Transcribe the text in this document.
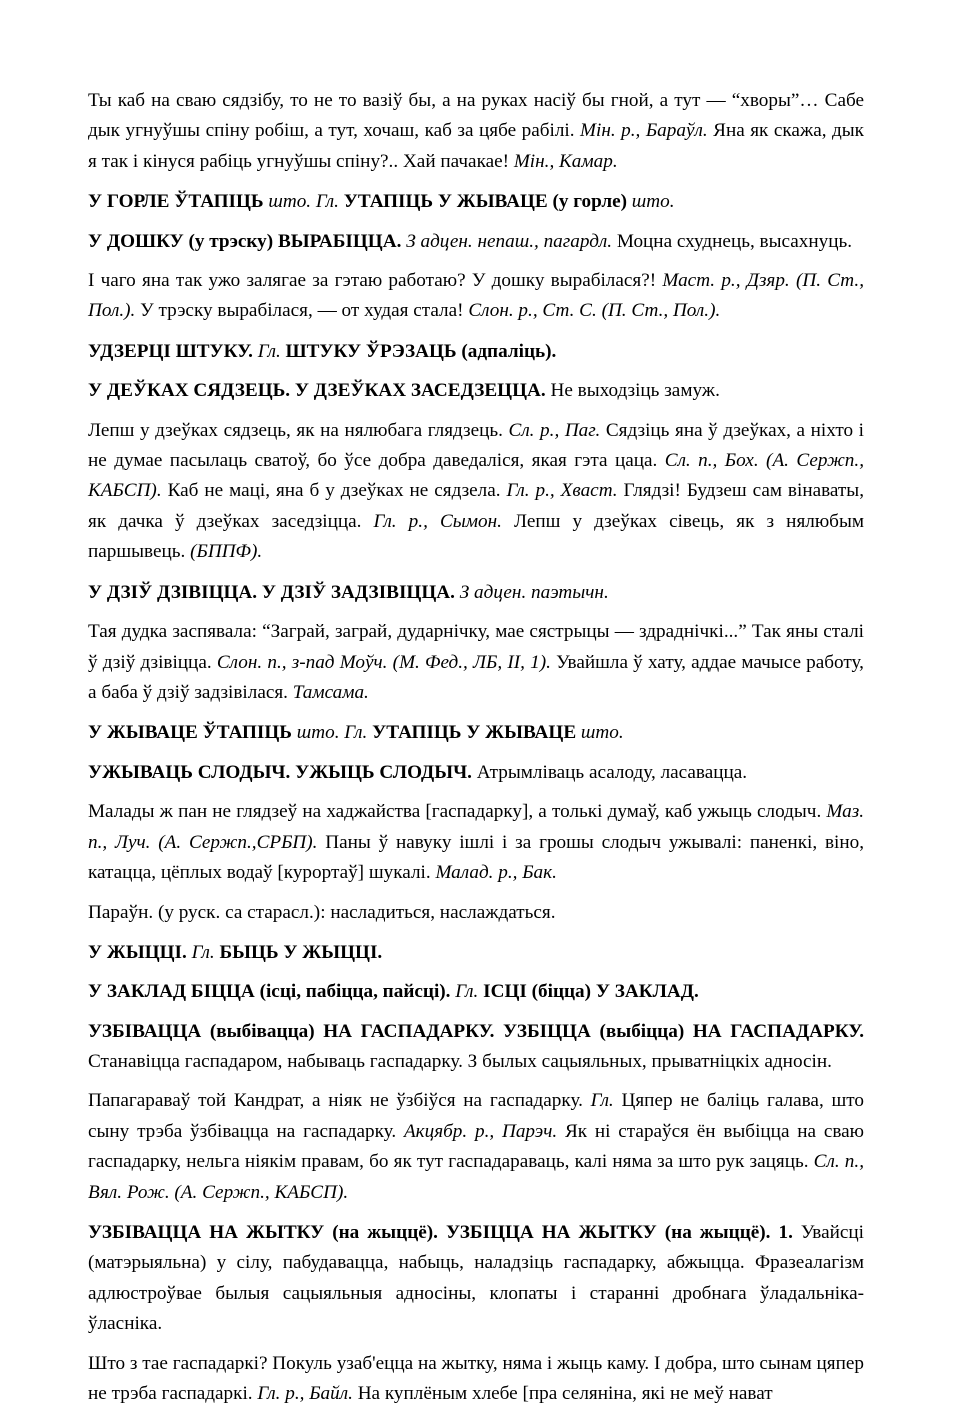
Ты каб на сваю сядзібу, то не то вазіў бы, а на руках насіў бы гной, а тут — “хворы”… Сабе дык угнуўшы спіну робіш, а тут, хочаш, каб за цябе рабілі. Мін. р., Бараўл. Яна як скажа, дык я так і кінуся рабіць угнуўшы спіну?.. Хай пачакае! Мін., Камар.
У ГОРЛЕ ЎТАПІЦЬ што. Гл. УТАПІЦЬ У ЖЫВАЦЕ (у горле) што.
У ДОШКУ (у трэску) ВЫРАБІЦЦА. З адцен. непаш., пагардл. Моцна схуднець, высахнуць.
І чаго яна так ужо залягае за гэтаю работаю? У дошку вырабілася?! Маст. р., Дзяр. (П. Ст., Пол.). У трэску вырабілася, — от худая стала! Слон. р., Ст. С. (П. Ст., Пол.).
УДЗЕРЦІ ШТУКУ. Гл. ШТУКУ ЎРЭЗАЦЬ (адпаліць).
У ДЕЎКАХ СЯДЗЕЦЬ. У ДЗЕЎКАХ ЗАСЕДЗЕЦЦА. Не выходзіць замуж.
Лепш у дзеўках сядзець, як на нялюбага глядзець. Сл. р., Паг. Сядзіць яна ў дзеўках, а ніхто і не думае пасылаць сватоў, бо ўсе добра даведаліся, якая гэта цаца. Сл. п., Бох. (А. Сержп., КАБСП). Каб не маці, яна б у дзеўках не сядзела. Гл. р., Хваст. Глядзі! Будзеш сам вінаваты, як дачка ў дзеўках заседзіцца. Гл. р., Сымон. Лепш у дзеўках сівець, як з нялюбым паршывець. (БППФ).
У ДЗІЎ ДЗІВІЦЦА. У ДЗІЎ ЗАДЗІВІЦЦА. З адцен. паэтычн.
Тая дудка заспявала: “Заграй, заграй, дударнічку, мае сястрыцы — здраднічкі...” Так яны сталі ў дзіў дзівіцца. Слон. п., з-пад Моўч. (М. Фед., ЛБ, II, 1). Увайшла ў хату, аддае мачысе работу, а баба ў дзіў задзівілася. Тамсама.
У ЖЫВАЦЕ ЎТАПІЦЬ што. Гл. УТАПІЦЬ У ЖЫВАЦЕ што.
УЖЫВАЦЬ СЛОДЫЧ. УЖЫЦЬ СЛОДЫЧ. Атрымліваць асалоду, ласавацца.
Малады ж пан не глядзеў на хаджайства [гаспадарку], а толькі думаў, каб ужыць слодыч. Маз. п., Луч. (А. Сержп.,СРБП). Паны ў навуку ішлі і за грошы слодыч ужывалі: паненкі, віно, катацца, цёплых водаў [курортаў] шукалі. Малад. р., Бак.
Параўн. (у руск. са старасл.): насладиться, наслаждаться.
У ЖЫЦЦІ. Гл. БЫЦЬ У ЖЫЦЦІ.
У ЗАКЛАД БІЦЦА (ісці, пабіцца, пайсці). Гл. ІСЦІ (біцца) У ЗАКЛАД.
УЗБІВАЦЦА (выбівацца) НА ГАСПАДАРКУ. УЗБІЦЦА (выбіцца) НА ГАСПАДАРКУ. Станавіцца гаспадаром, набываць гаспадарку. З былых сацыяльных, прыватніцкіх адносін.
Папагараваў той Кандрат, а ніяк не ўзбіўся на гаспадарку. Гл. Цяпер не баліць галава, што сыну трэба ўзбівацца на гаспадарку. Акцябр. р., Парэч. Як ні стараўся ён выбіцца на сваю гаспадарку, нельга ніякім правам, бо як тут гаспадараваць, калі няма за што рук зацяць. Сл. п., Вял. Рож. (А. Сержп., КАБСП).
УЗБІВАЦЦА НА ЖЫТКУ (на жыццё). УЗБІЦЦА НА ЖЫТКУ (на жыццё). 1. Увайсці (матэрыяльна) у сілу, пабудавацца, набыць, наладзіць гаспадарку, абжыцца. Фразеалагізм адлюстроўвае былыя сацыяльныя адносіны, клопаты і старанні дробнага ўладальніка-ўласніка.
Што з тае гаспадаркі? Покуль узаб'ецца на жытку, няма і жыць каму. І добра, што сынам цяпер не трэба гаспадаркі. Гл. р., Байл. На куплёным хлебе [пра селяніна, які не меў нават
